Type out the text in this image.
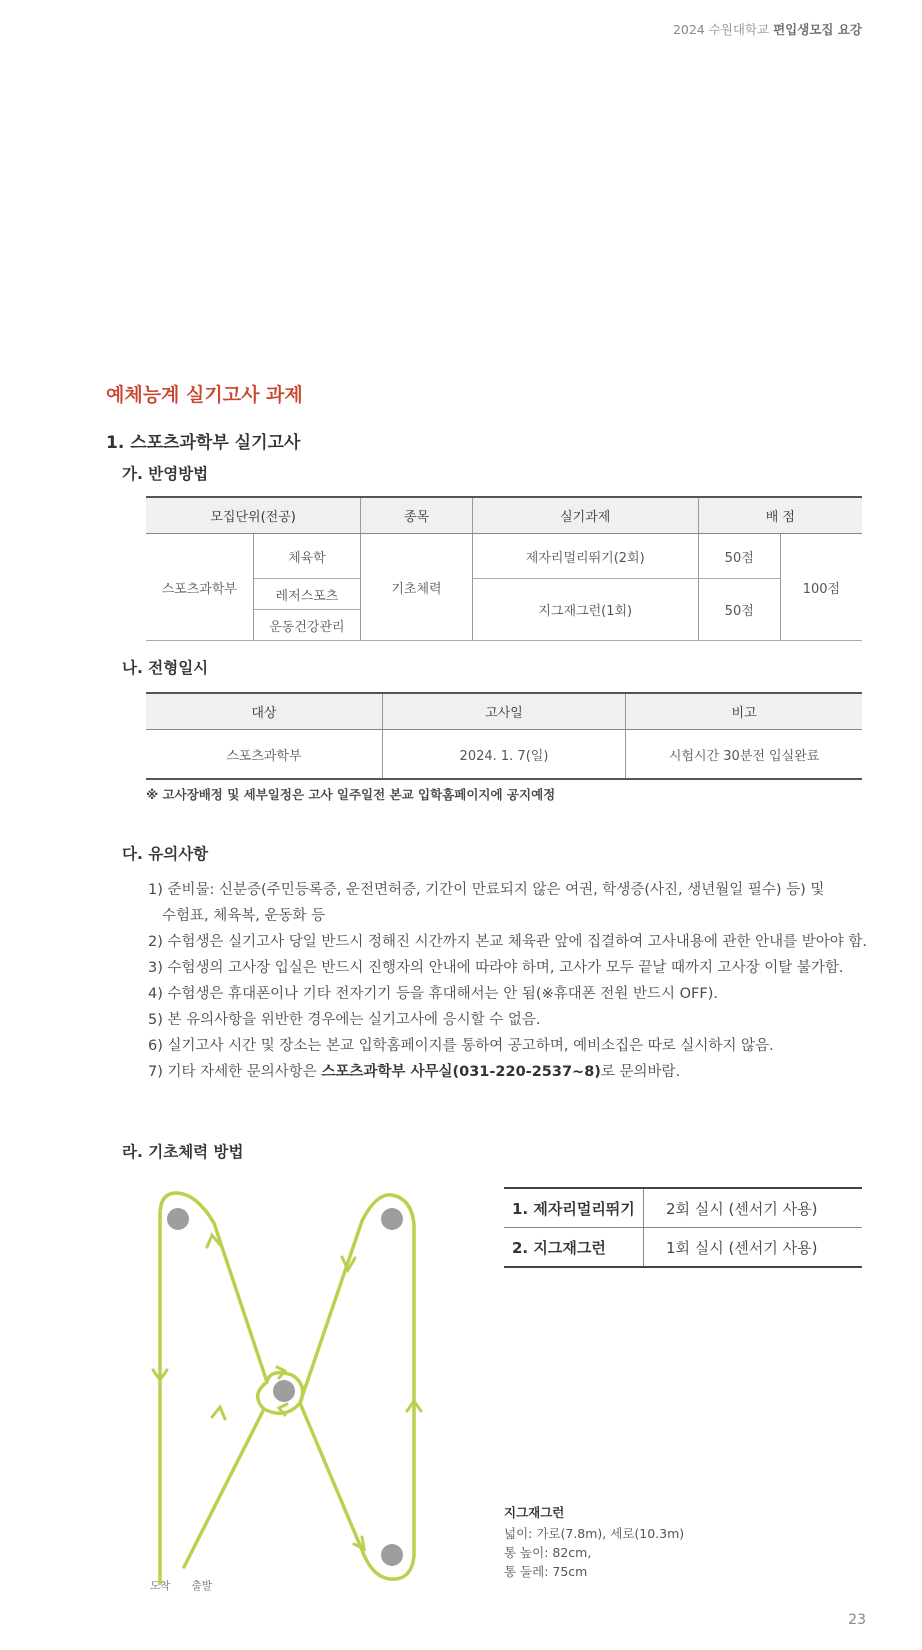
2024 수원대학교 편입생모집 요강
예체능계 실기고사 과제
1. 스포츠과학부 실기고사
가. 반영방법
모집단위(전공)		종목	실기과제	배 점	
스포츠과학부	체육학	기초체력	제자리멀리뛰기(2회)	50점	100점
	레저스포츠		지그재그런(1회)	50점	
	운동건강관리				
나. 전형일시
대상	고사일	비고
스포츠과학부	2024. 1. 7(일)	시험시간 30분전 입실완료
※ 고사장배정 및 세부일정은 고사 일주일전 본교 입학홈페이지에 공지예정
다. 유의사항
1) 준비물: 신분증(주민등록증, 운전면허증, 기간이 만료되지 않은 여권, 학생증(사진, 생년월일 필수) 등) 및
수험표, 체육복, 운동화 등
2) 수험생은 실기고사 당일 반드시 정해진 시간까지 본교 체육관 앞에 집결하여 고사내용에 관한 안내를 받아야 함.
3) 수험생의 고사장 입실은 반드시 진행자의 안내에 따라야 하며, 고사가 모두 끝날 때까지 고사장 이탈 불가함.
4) 수험생은 휴대폰이나 기타 전자기기 등을 휴대해서는 안 됨(※휴대폰 전원 반드시 OFF).
5) 본 유의사항을 위반한 경우에는 실기고사에 응시할 수 없음.
6) 실기고사 시간 및 장소는 본교 입학홈페이지를 통하여 공고하며, 예비소집은 따로 실시하지 않음.
7) 기타 자세한 문의사항은 스포츠과학부 사무실(031-220-2537~8)로 문의바람.
라. 기초체력 방법
도착 출발
1. 제자리멀리뛰기	2회 실시 (센서기 사용)
2. 지그재그런	1회 실시 (센서기 사용)
지그재그런
넓이: 가로(7.8m), 세로(10.3m)
통 높이: 82cm,
통 둘레: 75cm
23
